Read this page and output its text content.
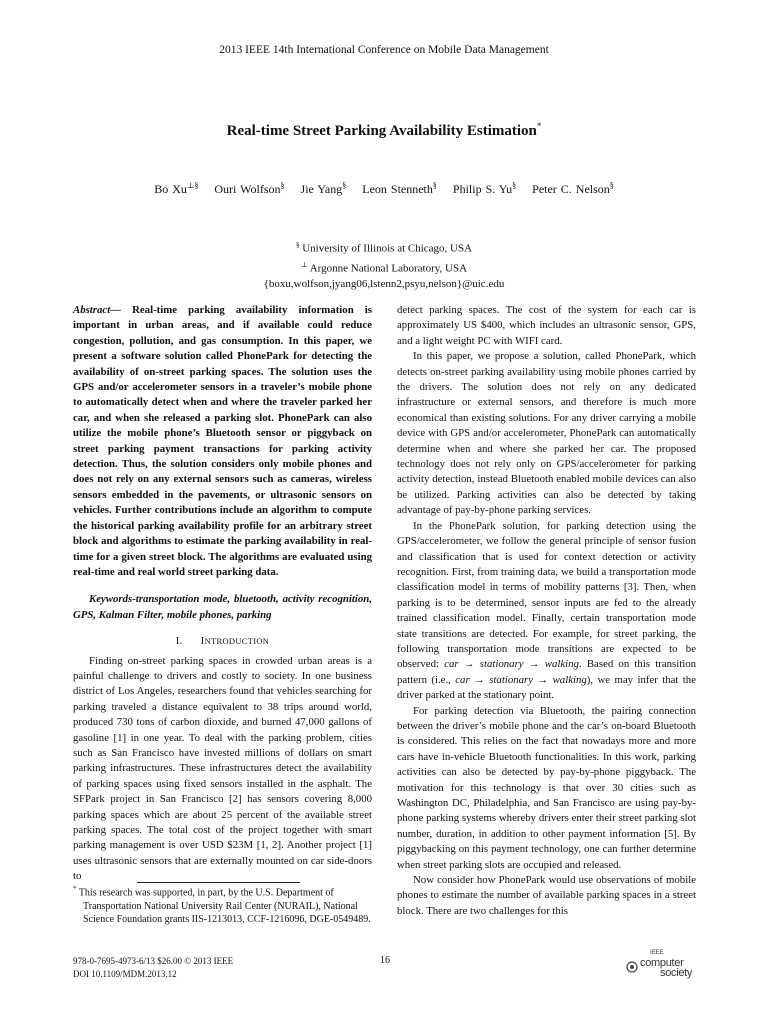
2013 IEEE 14th International Conference on Mobile Data Management
Real-time Street Parking Availability Estimation*
Bo Xu⊥§ Ouri Wolfson§ Jie Yang§ Leon Stenneth§ Philip S. Yu§ Peter C. Nelson§
§ University of Illinois at Chicago, USA
⊥ Argonne National Laboratory, USA
{boxu,wolfson,jyang06,lstenn2,psyu,nelson}@uic.edu

Abstract— Real-time parking availability information is important in urban areas, and if available could reduce congestion, pollution, and gas consumption. In this paper, we present a software solution called PhonePark for detecting the availability of on-street parking spaces. The solution uses the GPS and/or accelerometer sensors in a traveler’s mobile phone to automatically detect when and where the traveler parked her car, and when she released a parking slot. PhonePark can also utilize the mobile phone’s Bluetooth sensor or piggyback on street parking payment transactions for parking activity detection. Thus, the solution considers only mobile phones and does not rely on any external sensors such as cameras, wireless sensors embedded in the pavements, or ultrasonic sensors on vehicles. Further contributions include an algorithm to compute the historical parking availability profile for an arbitrary street block and algorithms to estimate the parking availability in real-time for a given street block. The algorithms are evaluated using real-time and real world street parking data.

Keywords-transportation mode, bluetooth, activity recognition, GPS, Kalman Filter, mobile phones, parking

I. INTRODUCTION

Finding on-street parking spaces in crowded urban areas is a painful challenge to drivers and costly to society. In one business district of Los Angeles, researchers found that vehicles searching for parking traveled a distance equivalent to 38 trips around world, produced 730 tons of carbon dioxide, and burned 47,000 gallons of gasoline [1] in one year. To deal with the parking problem, cities such as San Francisco have invested millions of dollars on smart parking infrastructures. These infrastructures detect the availability of parking spaces using fixed sensors installed in the asphalt. The SFPark project in San Francisco [2] has sensors covering 8,000 parking spaces which are about 25 percent of the available street parking spaces. The total cost of the project together with smart parking management is over USD $23M [1, 2]. Another project [1] uses ultrasonic sensors that are externally mounted on car side-doors to

* This research was supported, in part, by the U.S. Department of Transportation National University Rail Center (NURAIL), National Science Foundation grants IIS-1213013, CCF-1216096, DGE-0549489.

detect parking spaces. The cost of the system for each car is approximately US $400, which includes an ultrasonic sensor, GPS, and a light weight PC with WIFI card.

In this paper, we propose a solution, called PhonePark, which detects on-street parking availability using mobile phones carried by the drivers. The solution does not rely on any dedicated infrastructure or external sensors, and therefore is much more economical than existing solutions. For any driver carrying a mobile device with GPS and/or accelerometer, PhonePark can automatically determine when and where she parked her car. The proposed technology does not rely only on GPS/accelerometer for parking activity detection, instead Bluetooth enabled mobile devices can also be utilized. Parking activities can also be detected by taking advantage of pay-by-phone parking services.

In the PhonePark solution, for parking detection using the GPS/accelerometer, we follow the general principle of sensor fusion and classification that is used for context detection or activity recognition. First, from training data, we build a transportation mode classification model in terms of mobility patterns [3]. Then, when parking is to be determined, sensor inputs are fed to the already trained classification model. Finally, certain transportation mode state transitions are detected. For example, for street parking, the following transportation mode transitions are expected to be observed: car → stationary → walking. Based on this transition pattern (i.e., car → stationary → walking), we may infer that the driver parked at the stationary point.

For parking detection via Bluetooth, the pairing connection between the driver’s mobile phone and the car’s on-board Bluetooth is considered. This relies on the fact that nowadays more and more cars have in-vehicle Bluetooth functionalities. In this work, parking activities can also be detected by pay-by-phone piggyback. The motivation for this technology is that over 30 cities such as Washington DC, Philadelphia, and San Francisco are using pay-by-phone parking systems whereby drivers enter their street parking slot number, duration, in addition to other payment information [5]. By piggybacking on this payment technology, one can further determine when street parking slots are occupied and released.

Now consider how PhonePark would use observations of mobile phones to estimate the number of available parking spaces in a street block. There are two challenges for this

978-0-7695-4973-6/13 $26.00 © 2013 IEEE
DOI 10.1109/MDM.2013.12
16
IEEE
computer
society
